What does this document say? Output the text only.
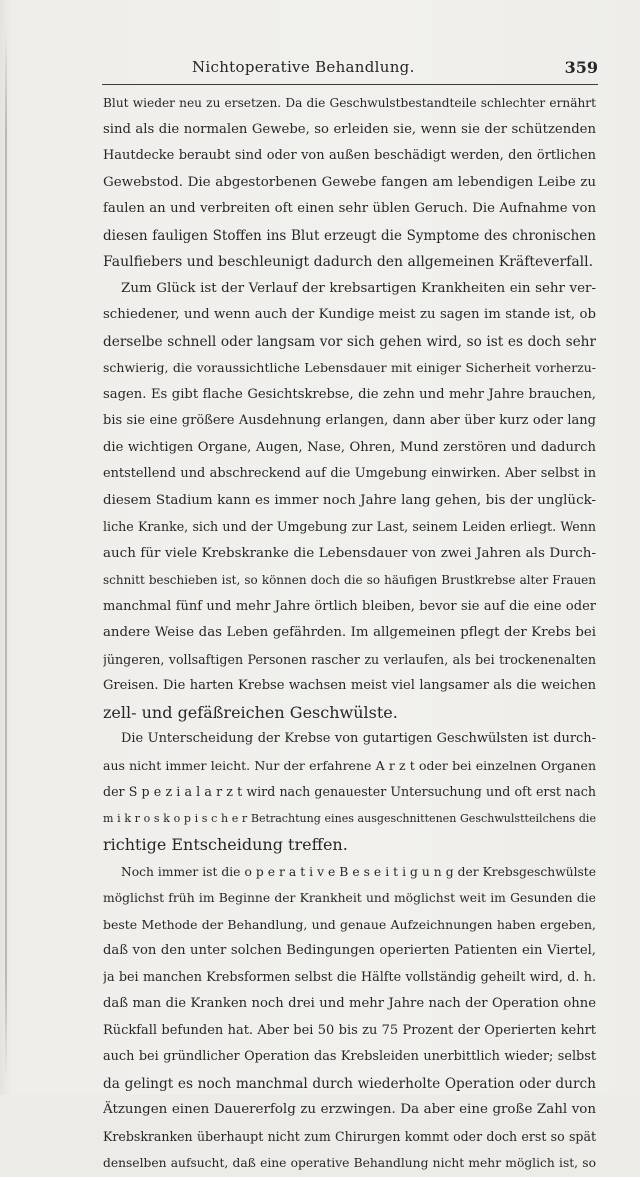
Nichtoperative Behandlung.	359
Blut wieder neu zu ersetzen. Da die Geschwulstbestandteile schlechter ernährt
sind als die normalen Gewebe, so erleiden sie, wenn sie der schützenden
Hautdecke beraubt sind oder von außen beschädigt werden, den örtlichen
Gewebstod. Die abgestorbenen Gewebe fangen am lebendigen Leibe zu
faulen an und verbreiten oft einen sehr üblen Geruch. Die Aufnahme von
diesen fauligen Stoffen ins Blut erzeugt die Symptome des chronischen
Faulfiebers und beschleunigt dadurch den allgemeinen Kräfteverfall.
Zum Glück ist der Verlauf der krebsartigen Krankheiten ein sehr ver-
schiedener, und wenn auch der Kundige meist zu sagen im stande ist, ob
derselbe schnell oder langsam vor sich gehen wird, so ist es doch sehr
schwierig, die voraussichtliche Lebensdauer mit einiger Sicherheit vorherzu-
sagen. Es gibt flache Gesichtskrebse, die zehn und mehr Jahre brauchen,
bis sie eine größere Ausdehnung erlangen, dann aber über kurz oder lang
die wichtigen Organe, Augen, Nase, Ohren, Mund zerstören und dadurch
entstellend und abschreckend auf die Umgebung einwirken. Aber selbst in
diesem Stadium kann es immer noch Jahre lang gehen, bis der unglück-
liche Kranke, sich und der Umgebung zur Last, seinem Leiden erliegt. Wenn
auch für viele Krebskranke die Lebensdauer von zwei Jahren als Durch-
schnitt beschieben ist, so können doch die so häufigen Brustkrebse alter Frauen
manchmal fünf und mehr Jahre örtlich bleiben, bevor sie auf die eine oder
andere Weise das Leben gefährden. Im allgemeinen pflegt der Krebs bei
jüngeren, vollsaftigen Personen rascher zu verlaufen, als bei trockenenalten
Greisen. Die harten Krebse wachsen meist viel langsamer als die weichen
zell- und gefäßreichen Geschwülste.
Die Unterscheidung der Krebse von gutartigen Geschwülsten ist durch-
aus nicht immer leicht. Nur der erfahrene A r z t oder bei einzelnen Organen
der S p e z i a l a r z t wird nach genauester Untersuchung und oft erst nach
m i k r o s k o p i s c h e r Betrachtung eines ausgeschnittenen Geschwulstteilchens die
richtige Entscheidung treffen.
Noch immer ist die o p e r a t i v e B e s e i t i g u n g der Krebsgeschwülste
möglichst früh im Beginne der Krankheit und möglichst weit im Gesunden die
beste Methode der Behandlung, und genaue Aufzeichnungen haben ergeben,
daß von den unter solchen Bedingungen operierten Patienten ein Viertel,
ja bei manchen Krebsformen selbst die Hälfte vollständig geheilt wird, d. h.
daß man die Kranken noch drei und mehr Jahre nach der Operation ohne
Rückfall befunden hat. Aber bei 50 bis zu 75 Prozent der Operierten kehrt
auch bei gründlicher Operation das Krebsleiden unerbittlich wieder; selbst
da gelingt es noch manchmal durch wiederholte Operation oder durch
Ätzungen einen Dauererfolg zu erzwingen. Da aber eine große Zahl von
Krebskranken überhaupt nicht zum Chirurgen kommt oder doch erst so spät
denselben aufsucht, daß eine operative Behandlung nicht mehr möglich ist, so
